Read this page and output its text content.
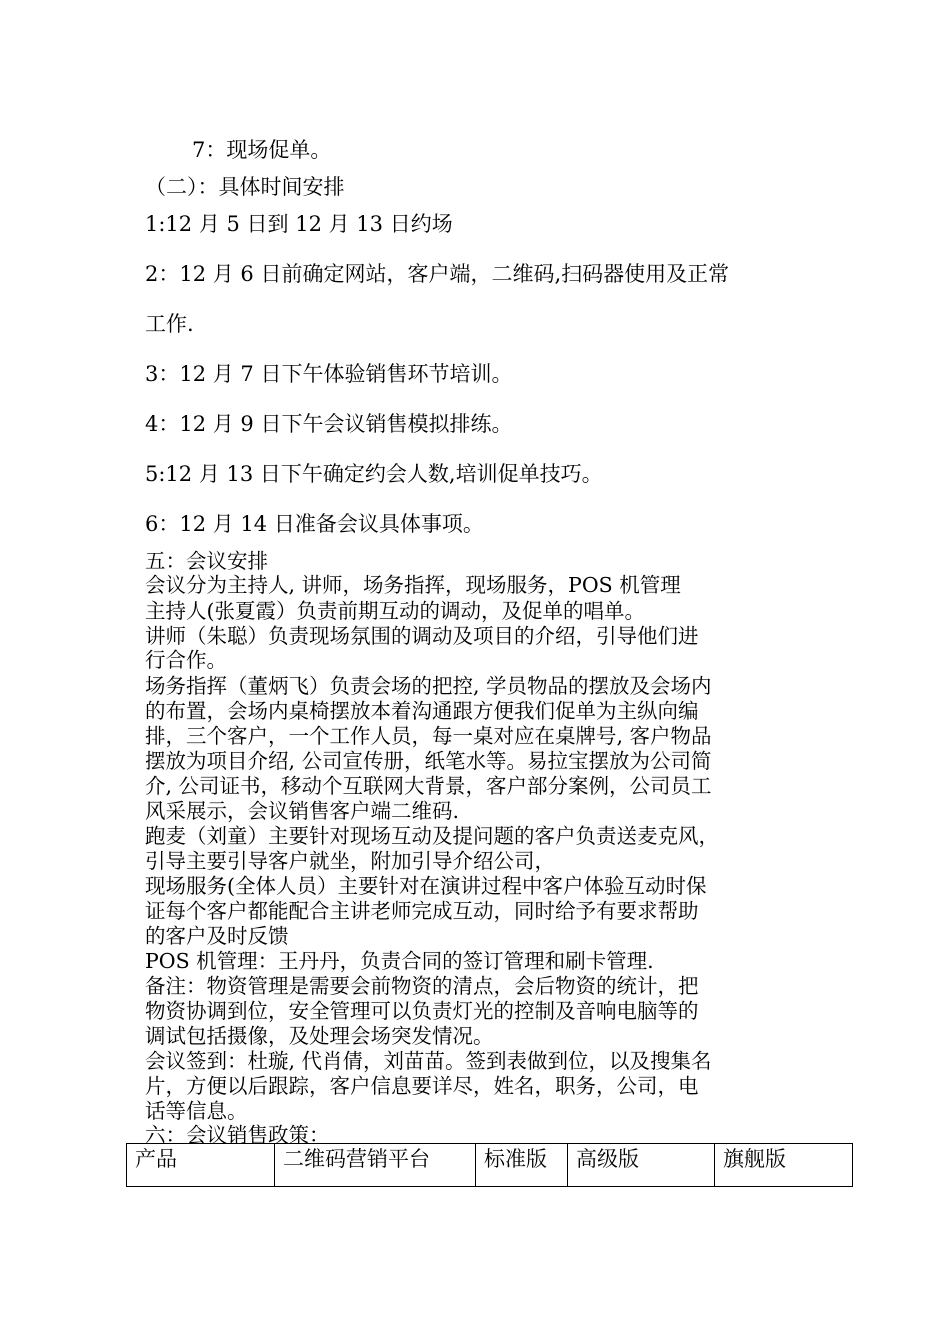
7：现场促单。
（二）：具体时间安排
1:12 月 5 日到 12 月 13 日约场
2：12 月 6 日前确定网站，客户端，二维码,扫码器使用及正常
工作.
3：12 月 7 日下午体验销售环节培训。
4：12 月 9 日下午会议销售模拟排练。
5:12 月 13 日下午确定约会人数,培训促单技巧。
6：12 月 14 日准备会议具体事项。
五：会议安排
会议分为主持人, 讲师，场务指挥，现场服务，POS 机管理
主持人(张夏霞）负责前期互动的调动，及促单的唱单。
讲师（朱聪）负责现场氛围的调动及项目的介绍，引导他们进
行合作。
场务指挥（董炳飞）负责会场的把控, 学员物品的摆放及会场内
的布置，会场内桌椅摆放本着沟通跟方便我们促单为主纵向编
排，三个客户，一个工作人员，每一桌对应在桌牌号, 客户物品
摆放为项目介绍, 公司宣传册，纸笔水等。易拉宝摆放为公司简
介, 公司证书，移动个互联网大背景，客户部分案例，公司员工
风采展示，会议销售客户端二维码.
跑麦（刘童）主要针对现场互动及提问题的客户负责送麦克风，
引导主要引导客户就坐，附加引导介绍公司，
现场服务(全体人员）主要针对在演讲过程中客户体验互动时保
证每个客户都能配合主讲老师完成互动，同时给予有要求帮助
的客户及时反馈
POS 机管理：王丹丹，负责合同的签订管理和刷卡管理.
备注：物资管理是需要会前物资的清点，会后物资的统计，把
物资协调到位，安全管理可以负责灯光的控制及音响电脑等的
调试包括摄像，及处理会场突发情况。
会议签到：杜璇, 代肖倩，刘苗苗。签到表做到位，以及搜集名
片，方便以后跟踪，客户信息要详尽，姓名，职务，公司，电
话等信息。
六：会议销售政策：
产品	二维码营销平台	标准版	高级版	旗舰版
